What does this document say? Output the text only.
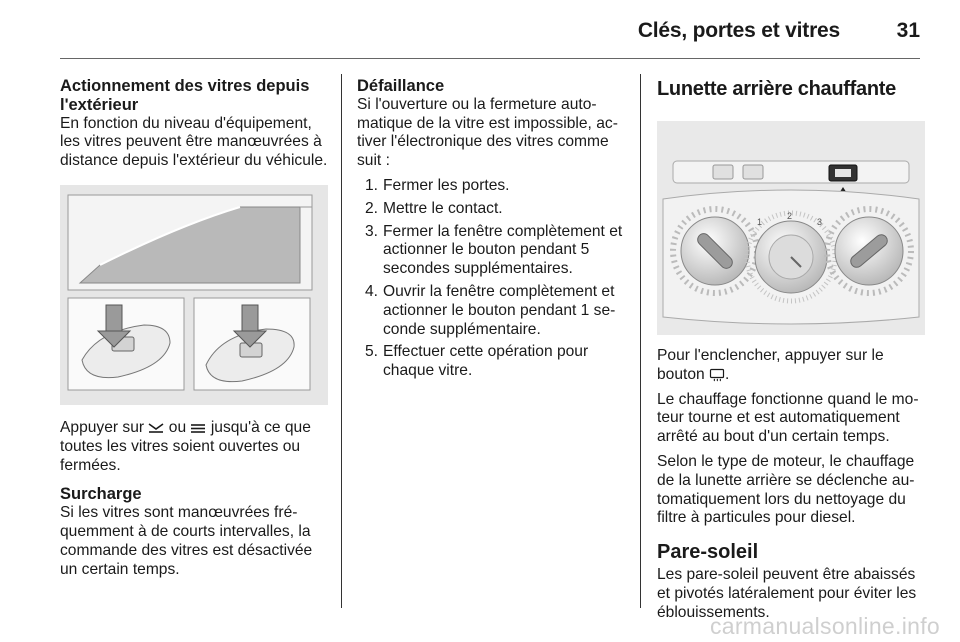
Clés, portes et vitres	31
Actionnement des vitres depuis l'extérieur

En fonction du niveau d'équipement, les vitres peuvent être manœuvrées à distance depuis l'extérieur du véhicule.

Appuyer sur ou jusqu'à ce que toutes les vitres soient ouvertes ou fermées.

Surcharge

Si les vitres sont manœuvrées fréquemment à de courts intervalles, la commande des vitres est désactivée un certain temps.

Défaillance

Si l'ouverture ou la fermeture automatique de la vitre est impossible, activer l'électronique des vitres comme suit :

1. Fermer les portes.
2. Mettre le contact.
3. Fermer la fenêtre complètement et actionner le bouton pendant 5 secondes supplémentaires.
4. Ouvrir la fenêtre complètement et actionner le bouton pendant 1 seconde supplémentaire.
5. Effectuer cette opération pour chaque vitre.
Lunette arrière chauffante
1
2
3

Pour l'enclencher, appuyer sur le bouton .

Le chauffage fonctionne quand le moteur tourne et est automatiquement arrêté au bout d'un certain temps.

Selon le type de moteur, le chauffage de la lunette arrière se déclenche automatiquement lors du nettoyage du filtre à particules pour diesel.

Pare-soleil

Les pare-soleil peuvent être abaissés et pivotés latéralement pour éviter les éblouissements.

carmanualsonline.info
